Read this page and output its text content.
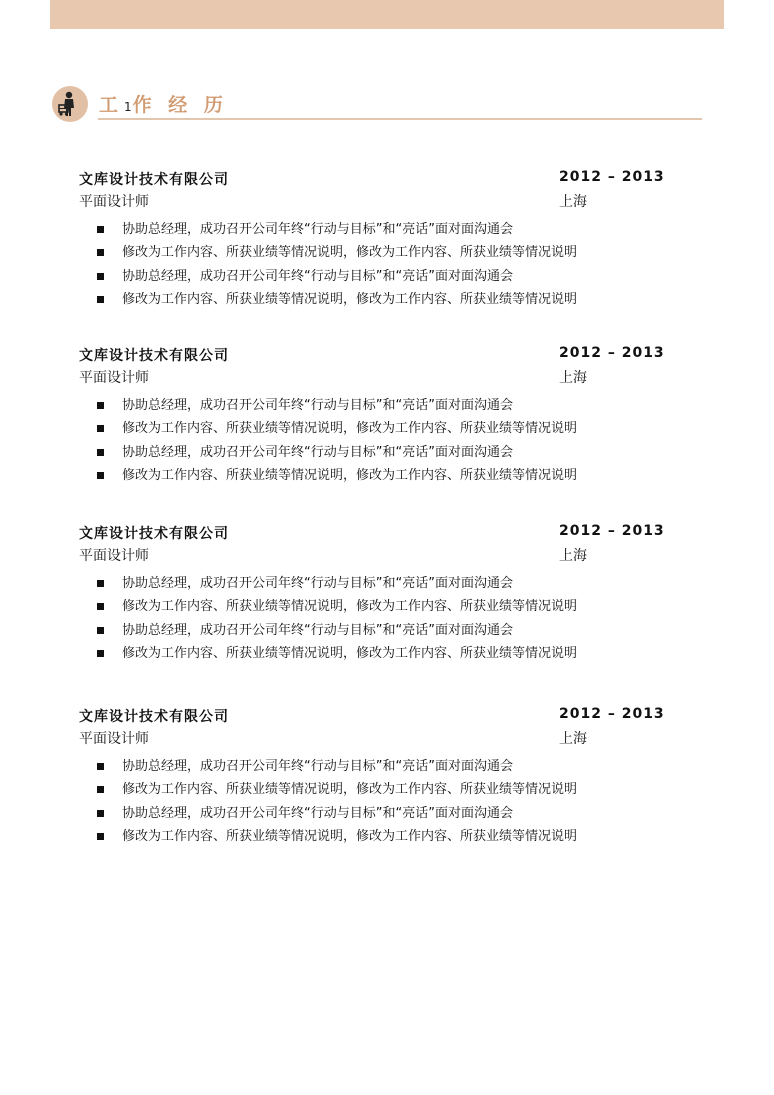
工1作 经 历
文库设计技术有限公司	2012 – 2013
平面设计师	上海
协助总经理，成功召开公司年终“行动与目标”和“亮话”面对面沟通会
修改为工作内容、所获业绩等情况说明，修改为工作内容、所获业绩等情况说明
协助总经理，成功召开公司年终“行动与目标”和“亮话”面对面沟通会
修改为工作内容、所获业绩等情况说明，修改为工作内容、所获业绩等情况说明
文库设计技术有限公司	2012 – 2013
平面设计师	上海
协助总经理，成功召开公司年终“行动与目标”和“亮话”面对面沟通会
修改为工作内容、所获业绩等情况说明，修改为工作内容、所获业绩等情况说明
协助总经理，成功召开公司年终“行动与目标”和“亮话”面对面沟通会
修改为工作内容、所获业绩等情况说明，修改为工作内容、所获业绩等情况说明
文库设计技术有限公司	2012 – 2013
平面设计师	上海
协助总经理，成功召开公司年终“行动与目标”和“亮话”面对面沟通会
修改为工作内容、所获业绩等情况说明，修改为工作内容、所获业绩等情况说明
协助总经理，成功召开公司年终“行动与目标”和“亮话”面对面沟通会
修改为工作内容、所获业绩等情况说明，修改为工作内容、所获业绩等情况说明
文库设计技术有限公司	2012 – 2013
平面设计师	上海
协助总经理，成功召开公司年终“行动与目标”和“亮话”面对面沟通会
修改为工作内容、所获业绩等情况说明，修改为工作内容、所获业绩等情况说明
协助总经理，成功召开公司年终“行动与目标”和“亮话”面对面沟通会
修改为工作内容、所获业绩等情况说明，修改为工作内容、所获业绩等情况说明
